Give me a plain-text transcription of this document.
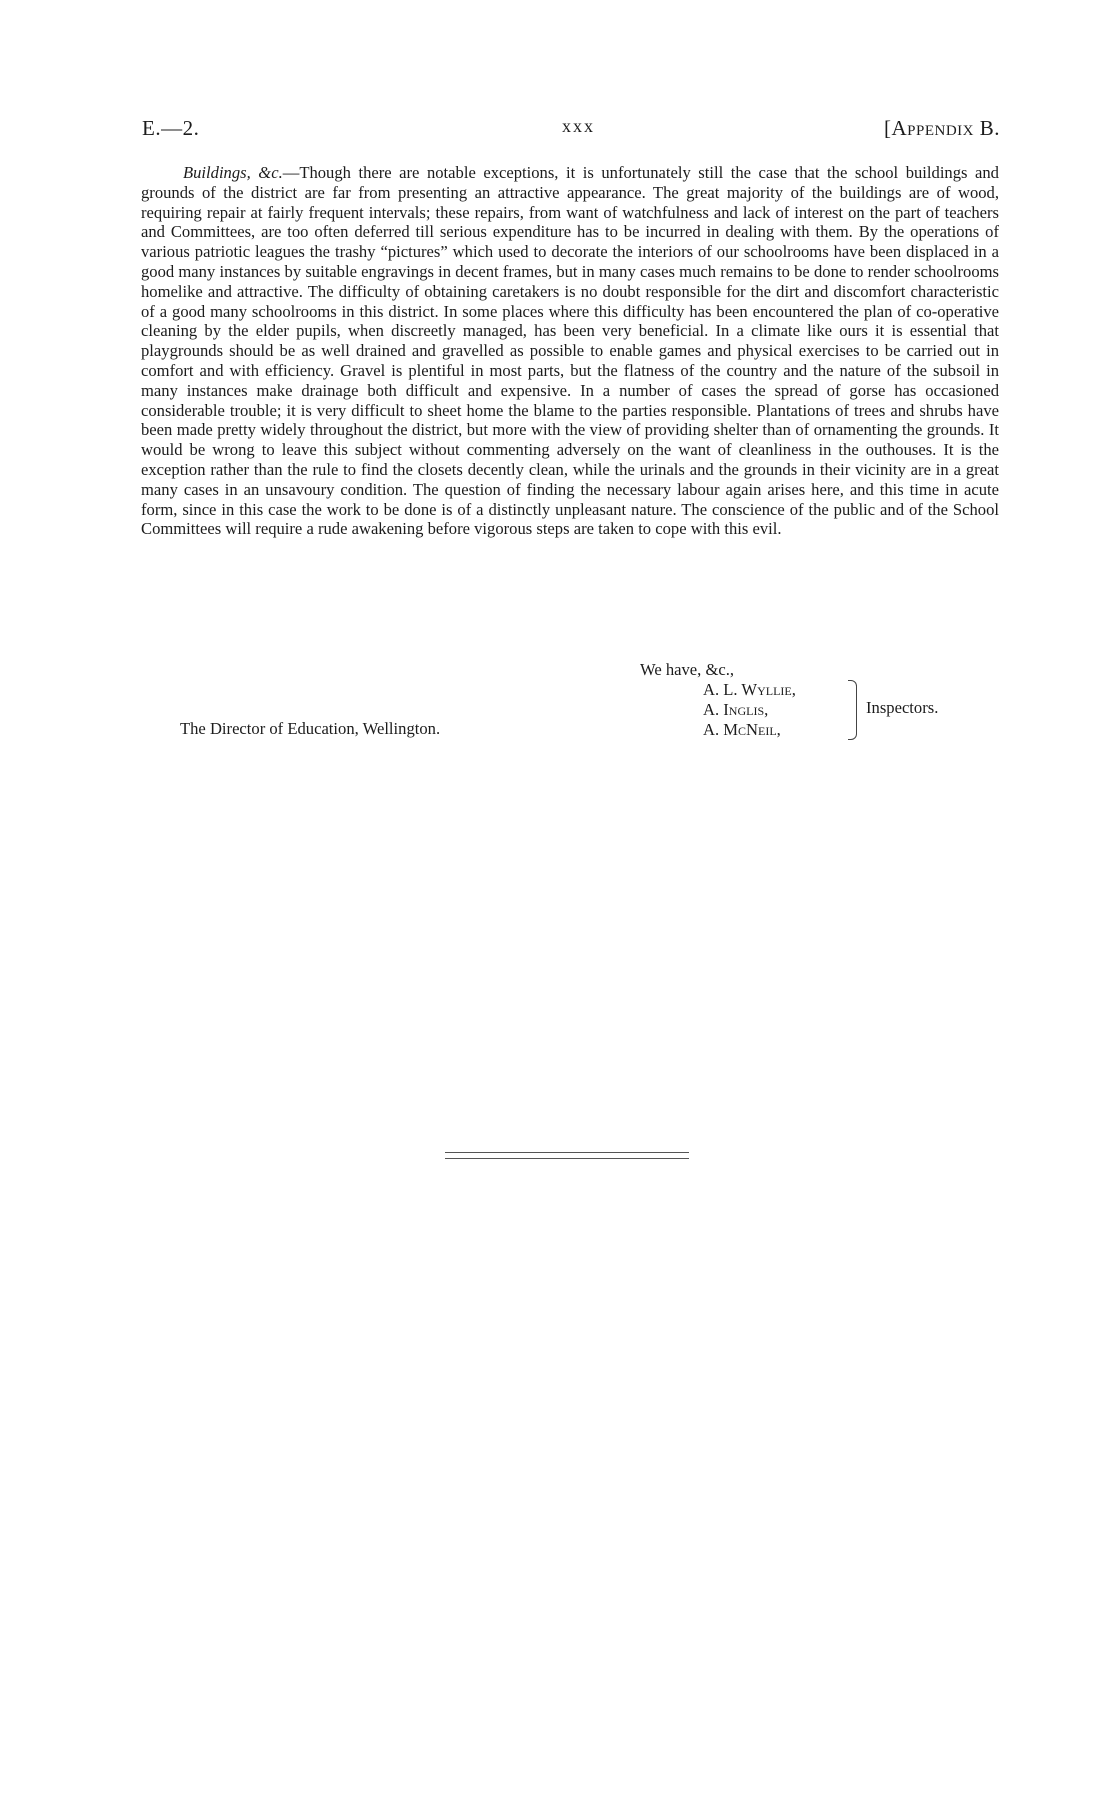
E.—2.	xxx	[Appendix B.

Buildings, &c.—Though there are notable exceptions, it is unfortunately still the case that the school buildings and grounds of the district are far from presenting an attractive appearance. The great majority of the buildings are of wood, requiring repair at fairly frequent intervals; these repairs, from want of watchfulness and lack of interest on the part of teachers and Committees, are too often deferred till serious expenditure has to be incurred in dealing with them. By the operations of various patriotic leagues the trashy “pictures” which used to decorate the interiors of our schoolrooms have been displaced in a good many instances by suitable engravings in decent frames, but in many cases much remains to be done to render schoolrooms homelike and attractive. The difficulty of obtaining caretakers is no doubt responsible for the dirt and discomfort characteristic of a good many schoolrooms in this district. In some places where this difficulty has been encountered the plan of co-operative cleaning by the elder pupils, when discreetly managed, has been very beneficial. In a climate like ours it is essential that playgrounds should be as well drained and gravelled as possible to enable games and physical exercises to be carried out in comfort and with efficiency. Gravel is plentiful in most parts, but the flatness of the country and the nature of the subsoil in many instances make drainage both difficult and expensive. In a number of cases the spread of gorse has occasioned considerable trouble; it is very difficult to sheet home the blame to the parties responsible. Plantations of trees and shrubs have been made pretty widely throughout the district, but more with the view of providing shelter than of ornamenting the grounds. It would be wrong to leave this subject without commenting adversely on the want of cleanliness in the outhouses. It is the exception rather than the rule to find the closets decently clean, while the urinals and the grounds in their vicinity are in a great many cases in an unsavoury condition. The question of finding the necessary labour again arises here, and this time in acute form, since in this case the work to be done is of a distinctly unpleasant nature. The conscience of the public and of the School Committees will require a rude awakening before vigorous steps are taken to cope with this evil.

We have, &c.,
A. L. Wyllie,
A. Inglis,
A. McNeil,
Inspectors.
The Director of Education, Wellington.
